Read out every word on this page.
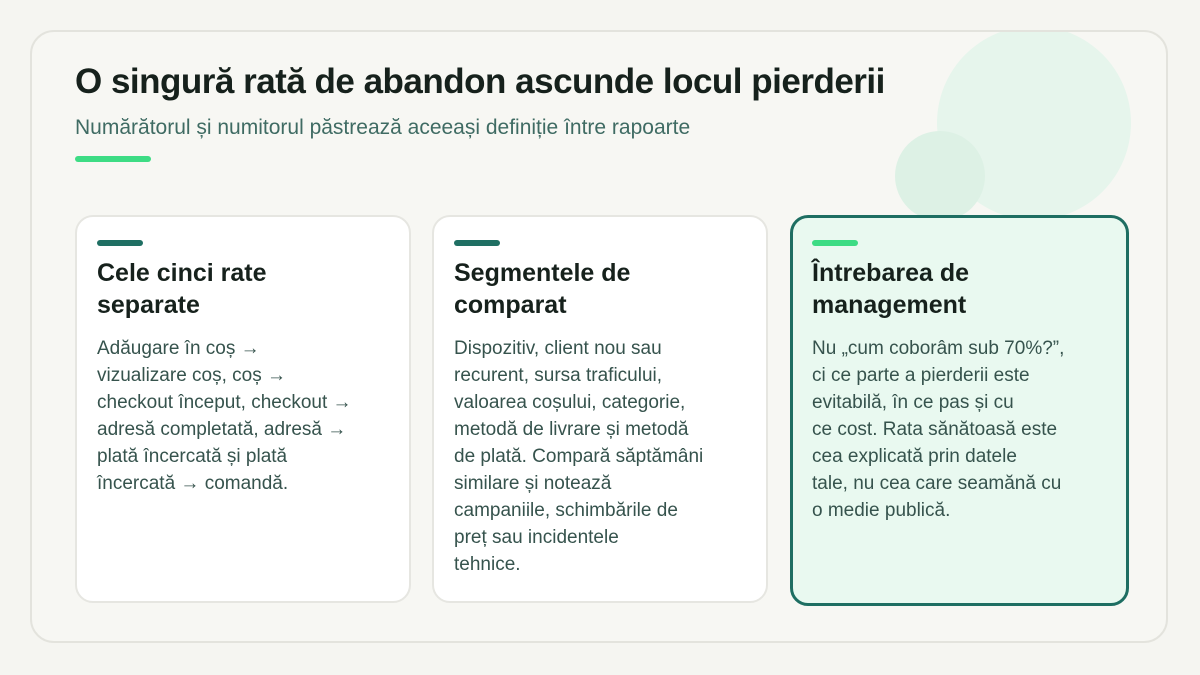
O singură rată de abandon ascunde locul pierderii

Numărătorul și numitorul păstrează aceeași definiție între rapoarte

Cele cinci rate
separate

Adăugare în coș →
vizualizare coș, coș →
checkout început, checkout →
adresă completată, adresă →
plată încercată și plată
încercată → comandă.

Segmentele de
comparat

Dispozitiv, client nou sau
recurent, sursa traficului,
valoarea coșului, categorie,
metodă de livrare și metodă
de plată. Compară săptămâni
similare și notează
campaniile, schimbările de
preț sau incidentele
tehnice.

Întrebarea de
management

Nu „cum coborâm sub 70%?”,
ci ce parte a pierderii este
evitabilă, în ce pas și cu
ce cost. Rata sănătoasă este
cea explicată prin datele
tale, nu cea care seamănă cu
o medie publică.
